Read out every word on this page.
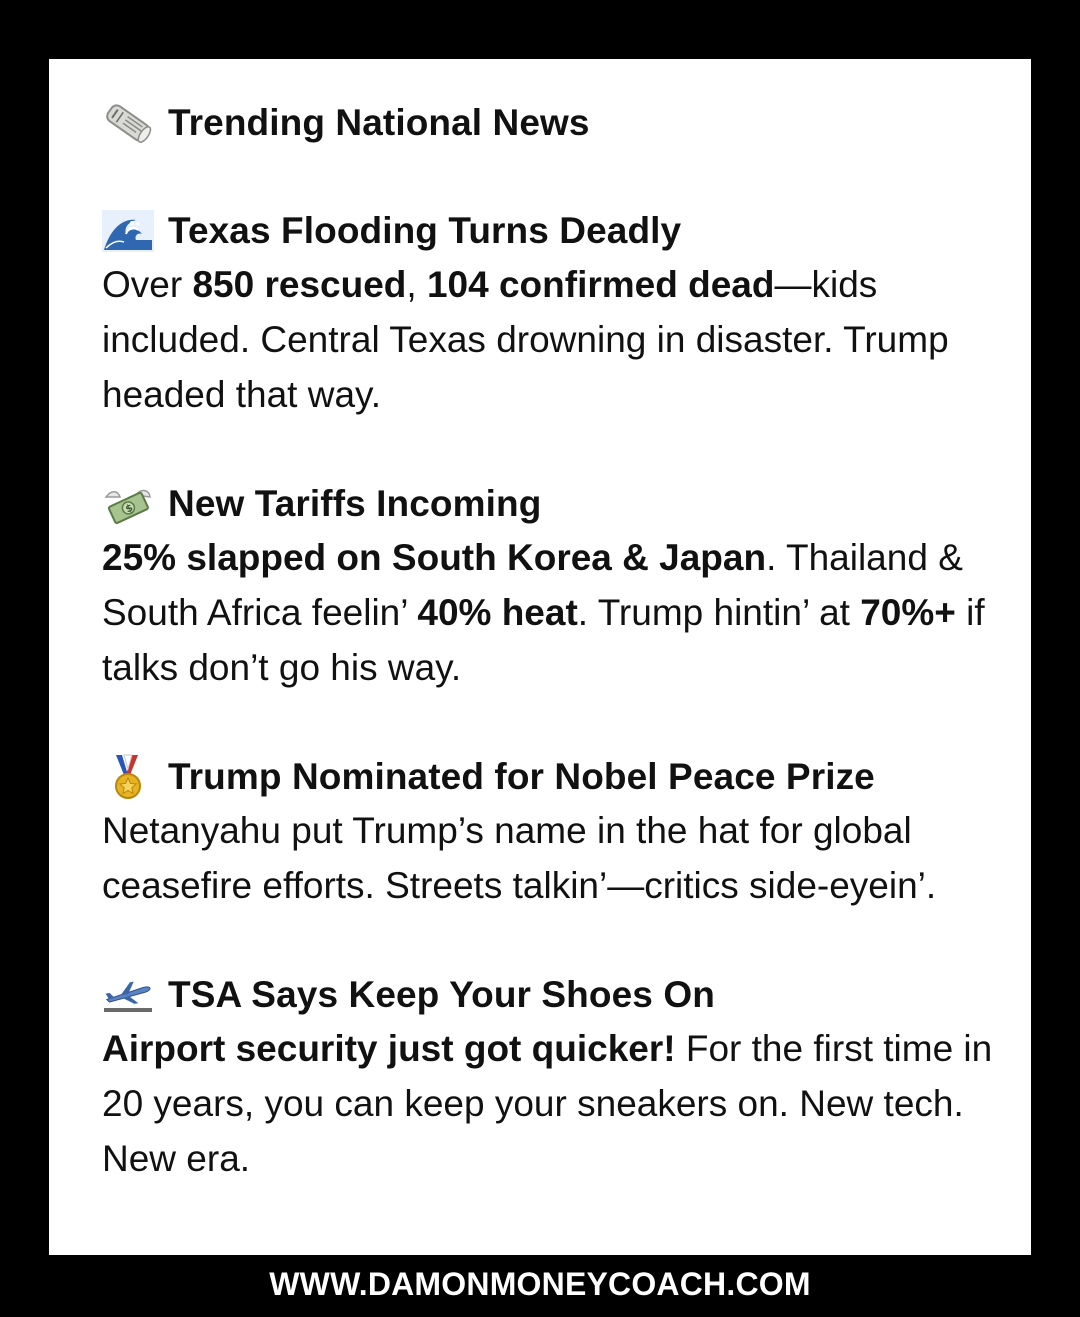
Trending National News
Texas Flooding Turns Deadly

Over 850 rescued, 104 confirmed dead—kids included. Central Texas drowning in disaster. Trump headed that way.

$ New Tariffs Incoming

25% slapped on South Korea & Japan. Thailand & South Africa feelin’ 40% heat. Trump hintin’ at 70%+ if talks don’t go his way.

Trump Nominated for Nobel Peace Prize

Netanyahu put Trump’s name in the hat for global ceasefire efforts. Streets talkin’—critics side-eyein’.

TSA Says Keep Your Shoes On

Airport security just got quicker! For the first time in 20 years, you can keep your sneakers on. New tech. New era.

WWW.DAMONMONEYCOACH.COM
